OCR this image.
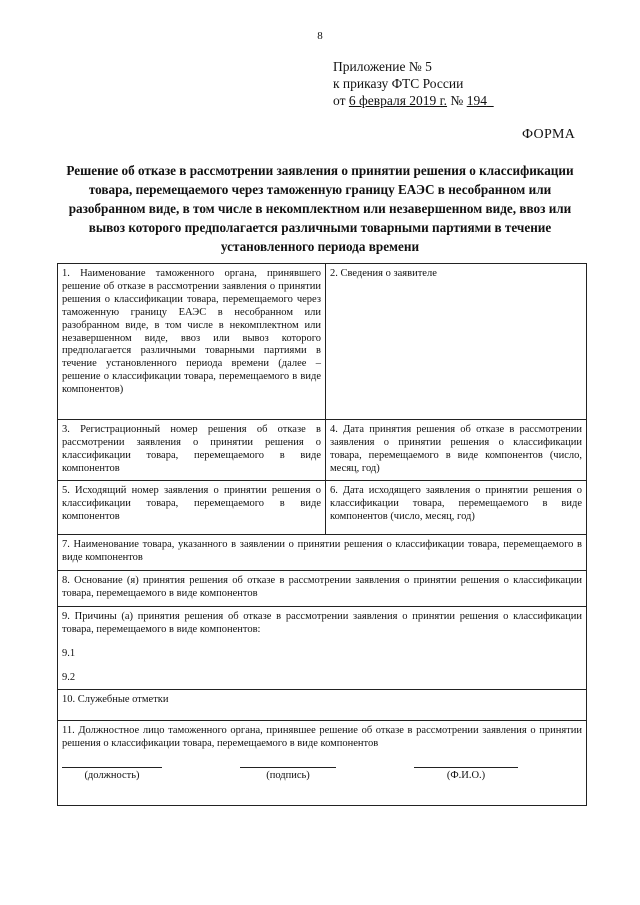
8
Приложение № 5
к приказу ФТС России
от 6 февраля 2019 г. № 194
ФОРМА
Решение об отказе в рассмотрении заявления о принятии решения о классификации товара, перемещаемого через таможенную границу ЕАЭС в несобранном или разобранном виде, в том числе в некомплектном или незавершенном виде, ввоз или вывоз которого предполагается различными товарными партиями в течение установленного периода времени
1. Наименование таможенного органа, принявшего решение об отказе в рассмотрении заявления о принятии решения о классификации товара, перемещаемого через таможенную границу ЕАЭС в несобранном или разобранном виде, в том числе в некомплектном или незавершенном виде, ввоз или вывоз которого предполагается различными товарными партиями в течение установленного периода времени (далее – решение о классификации товара, перемещаемого в виде компонентов)	2. Сведения о заявителе
3. Регистрационный номер решения об отказе в рассмотрении заявления о принятии решения о классификации товара, перемещаемого в виде компонентов	4. Дата принятия решения об отказе в рассмотрении заявления о принятии решения о классификации товара, перемещаемого в виде компонентов (число, месяц, год)
5. Исходящий номер заявления о принятии решения о классификации товара, перемещаемого в виде компонентов	6. Дата исходящего заявления о принятии решения о классификации товара, перемещаемого в виде компонентов (число, месяц, год)
7. Наименование товара, указанного в заявлении о принятии решения о классификации товара, перемещаемого в виде компонентов	
8. Основание (я) принятия решения об отказе в рассмотрении заявления о принятии решения о классификации товара, перемещаемого в виде компонентов	
9. Причины (а) принятия решения об отказе в рассмотрении заявления о принятии решения о классификации товара, перемещаемого в виде компонентов:
9.1
9.2	

10. Служебные отметки	

11. Должностное лицо таможенного органа, принявшее решение об отказе в рассмотрении заявления о принятии решения о классификации товара, перемещаемого в виде компонентов
(должность) (подпись) (Ф.И.О.)	
